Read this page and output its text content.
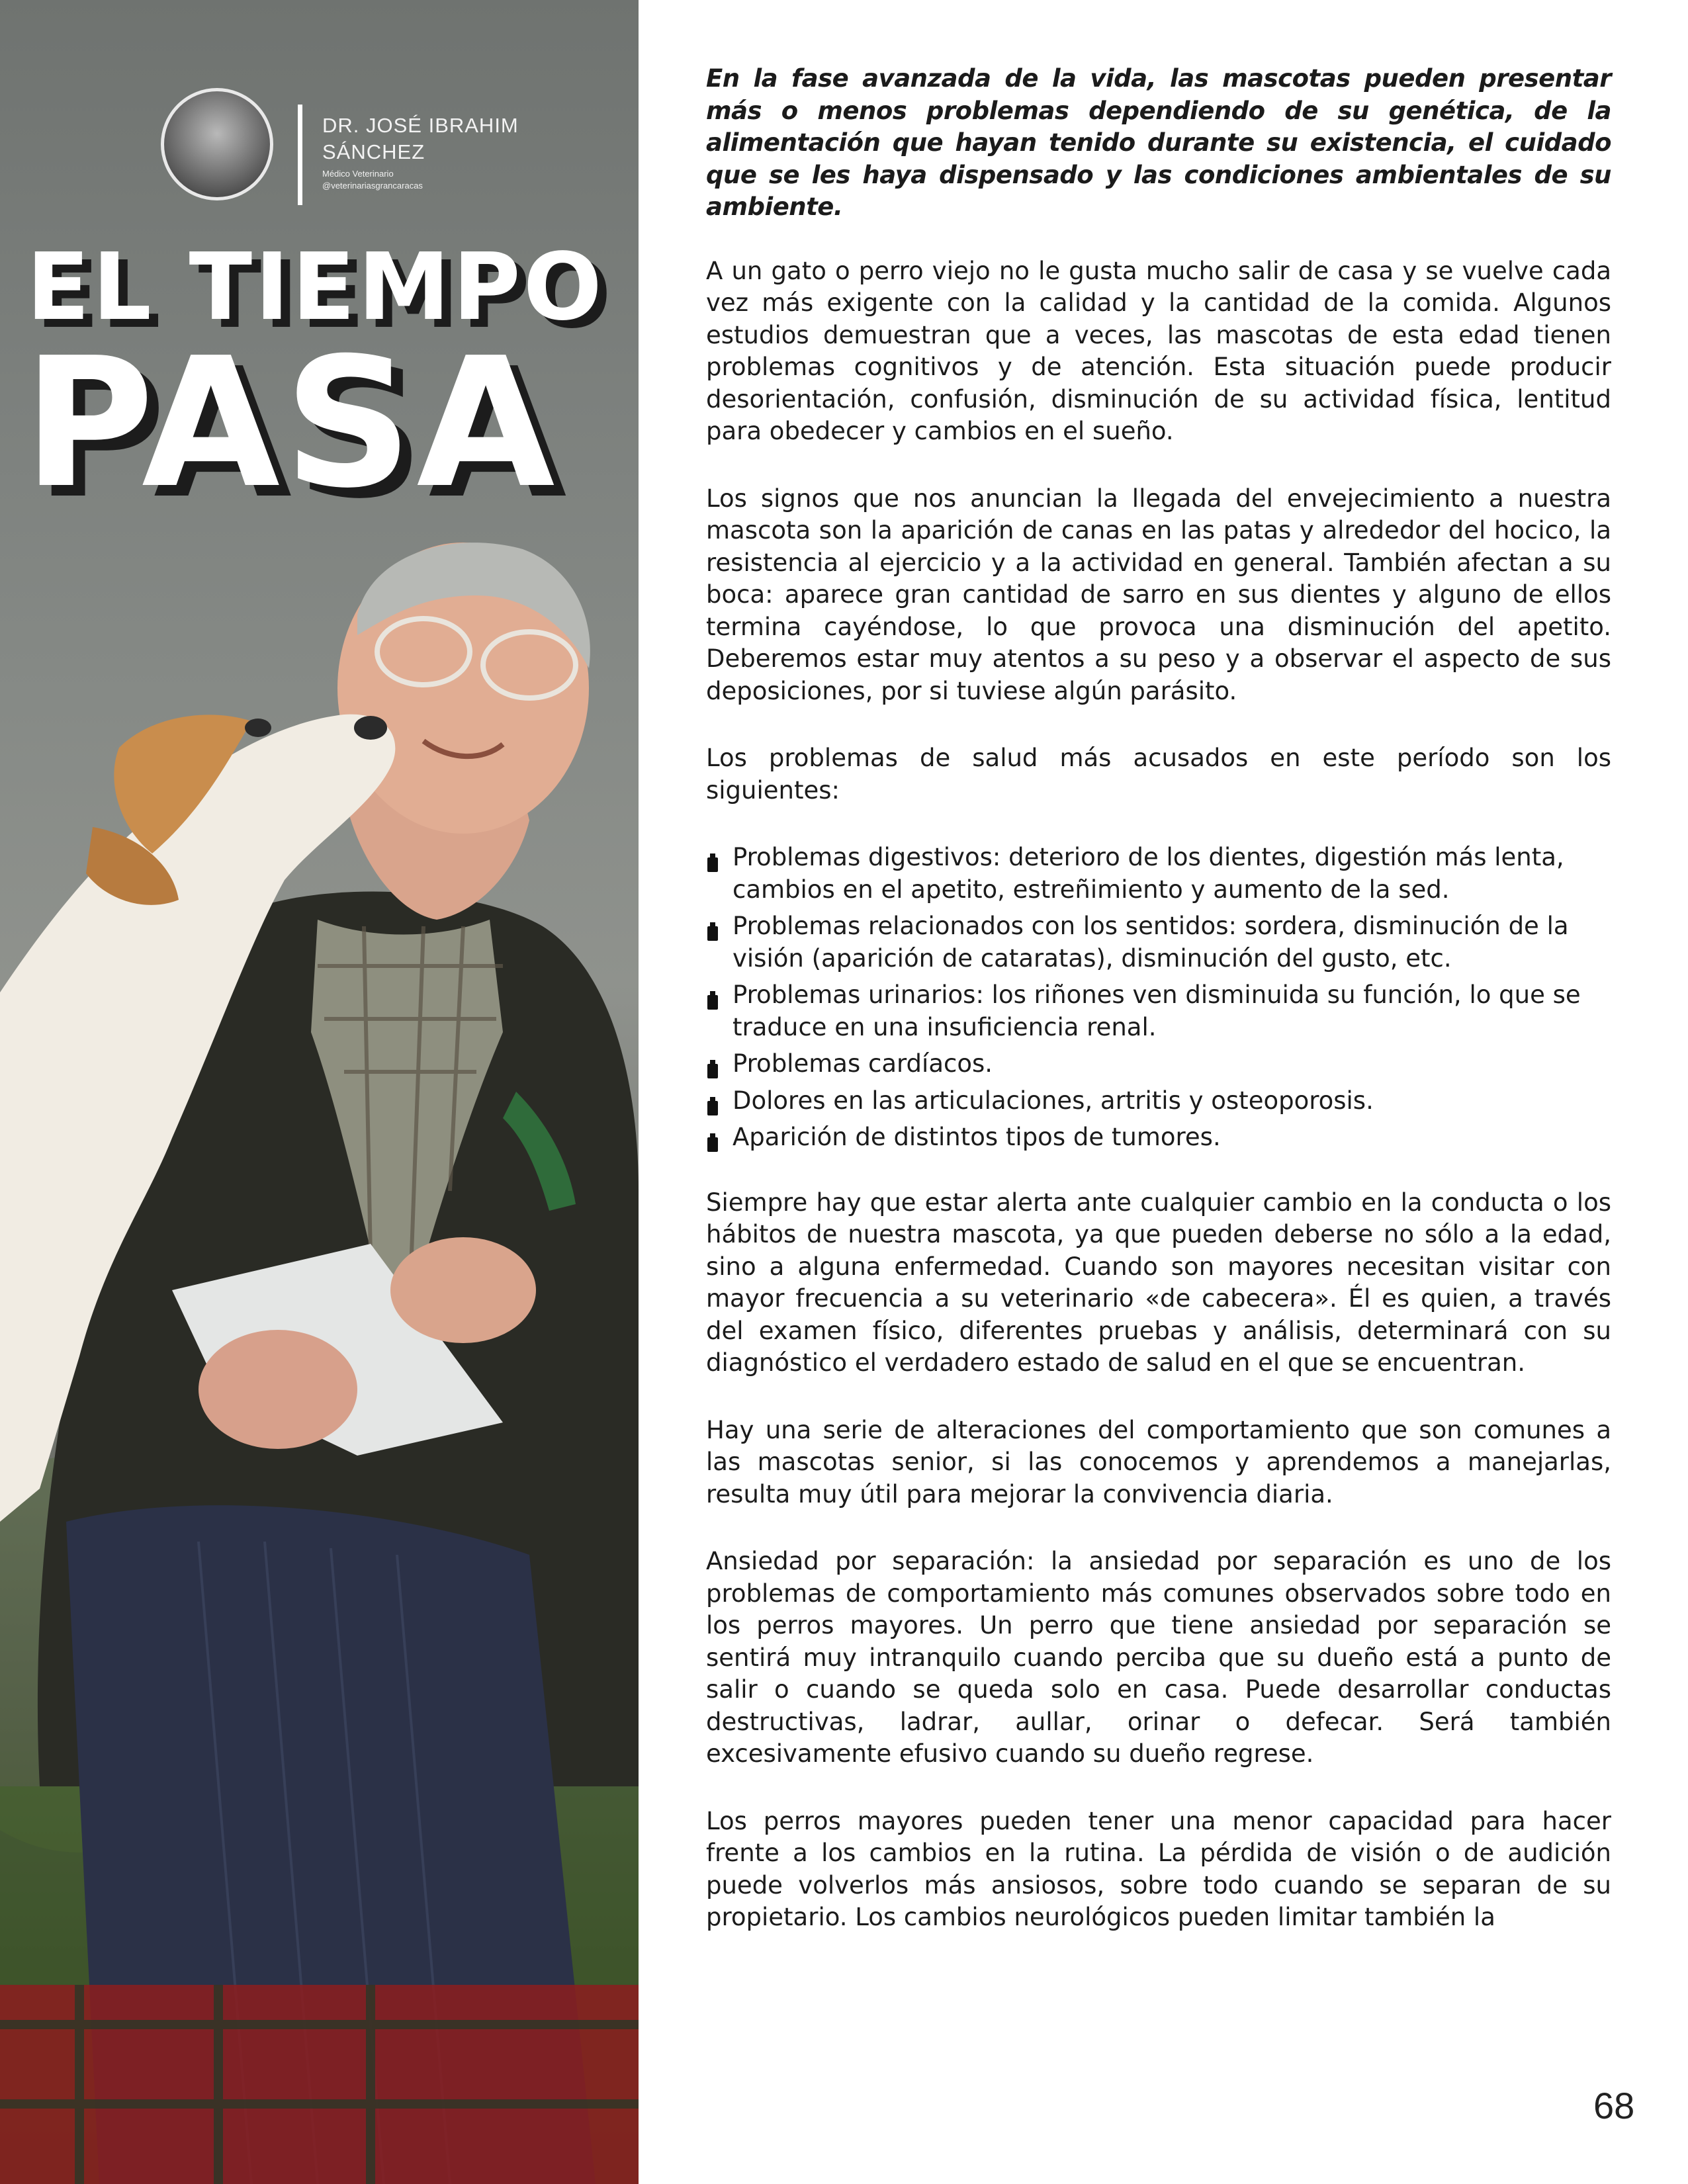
DR. JOSÉ IBRAHIM SÁNCHEZ
Médico Veterinario
@veterinariasgrancaracas
EL TIEMPO
PASA

En la fase avanzada de la vida, las mascotas pueden presentar más o menos problemas dependiendo de su genética, de la alimentación que hayan tenido durante su existencia, el cuidado que se les haya dispensado y las condiciones ambientales de su ambiente.

A un gato o perro viejo no le gusta mucho salir de casa y se vuelve cada vez más exigente con la calidad y la cantidad de la comida. Algunos estudios demuestran que a veces, las mascotas de esta edad tienen problemas cognitivos y de atención. Esta situación puede producir desorientación, confusión, disminución de su actividad física, lentitud para obedecer y cambios en el sueño.

Los signos que nos anuncian la llegada del envejecimiento a nuestra mascota son la aparición de canas en las patas y alrededor del hocico, la resistencia al ejercicio y a la actividad en general. También afectan a su boca: aparece gran cantidad de sarro en sus dientes y alguno de ellos termina cayéndose, lo que provoca una disminución del apetito. Deberemos estar muy atentos a su peso y a observar el aspecto de sus deposiciones, por si tuviese algún parásito.

Los problemas de salud más acusados en este período son los siguientes:

Problemas digestivos: deterioro de los dientes, digestión más lenta, cambios en el apetito, estreñimiento y aumento de la sed.
Problemas relacionados con los sentidos: sordera, disminución de la visión (aparición de cataratas), disminución del gusto, etc.
Problemas urinarios: los riñones ven disminuida su función, lo que se traduce en una insuficiencia renal.
Problemas cardíacos.
Dolores en las articulaciones, artritis y osteoporosis.
Aparición de distintos tipos de tumores.

Siempre hay que estar alerta ante cualquier cambio en la conducta o los hábitos de nuestra mascota, ya que pueden deberse no sólo a la edad, sino a alguna enfermedad. Cuando son mayores necesitan visitar con mayor frecuencia a su veterinario «de cabecera». Él es quien, a través del examen físico, diferentes pruebas y análisis, determinará con su diagnóstico el verdadero estado de salud en el que se encuentran.

Hay una serie de alteraciones del comportamiento que son comunes a las mascotas senior, si las conocemos y aprendemos a manejarlas, resulta muy útil para mejorar la convivencia diaria.

Ansiedad por separación: la ansiedad por separación es uno de los problemas de comportamiento más comunes observados sobre todo en los perros mayores. Un perro que tiene ansiedad por separación se sentirá muy intranquilo cuando perciba que su dueño está a punto de salir o cuando se queda solo en casa. Puede desarrollar conductas destructivas, ladrar, aullar, orinar o defecar. Será también excesivamente efusivo cuando su dueño regrese.

Los perros mayores pueden tener una menor capacidad para hacer frente a los cambios en la rutina. La pérdida de visión o de audición puede volverlos más ansiosos, sobre todo cuando se separan de su propietario. Los cambios neurológicos pueden limitar también la

68
